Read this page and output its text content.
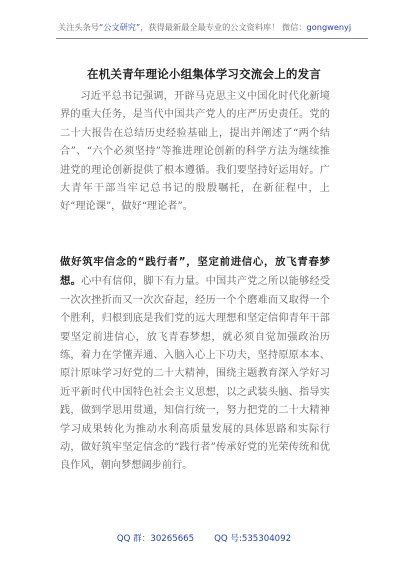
关注头条号“公文研究”，获得最新最全最专业的公文资料库！ 微信：gongwenyj
在机关青年理论小组集体学习交流会上的发言

习近平总书记强调，开辟马克思主义中国化时代化新境界的重大任务，是当代中国共产党人的庄严历史责任。党的二十大报告在总结历史经验基础上，提出并阐述了“两个结合”、“六个必须坚持”等推进理论创新的科学方法为继续推进党的理论创新提供了根本遵循。我们要坚持好运用好。广大青年干部当牢记总书记的殷殷嘱托，在新征程中，上好“理论课”，做好“理论者”。

做好筑牢信念的“践行者”，坚定前进信心，放飞青春梦想。心中有信仰，脚下有力量。中国共产党之所以能够经受一次次挫折而又一次次奋起，经历一个个磨难而又取得一个个胜利，归根到底是我们党的远大理想和坚定信仰青年干部要坚定前进信心，放飞青春梦想，就必须自觉加强政治历练，着力在学懂弄通、入脑入心上下功夫，坚持原原本本、原汁原味学习好党的二十大精神，围绕主题教育深入学好习近平新时代中国特色社会主义思想，以之武装头脑、指导实践，做到学思用贯通，知信行统一，努力把党的二十大精神学习成果转化为推动水利高质量发展的具体思路和实际行动，做好筑牢坚定信念的“践行者”传承好党的光荣传统和优良作风，朝向梦想阔步前行。

QQ 群：30265665 QQ 号:535304092
